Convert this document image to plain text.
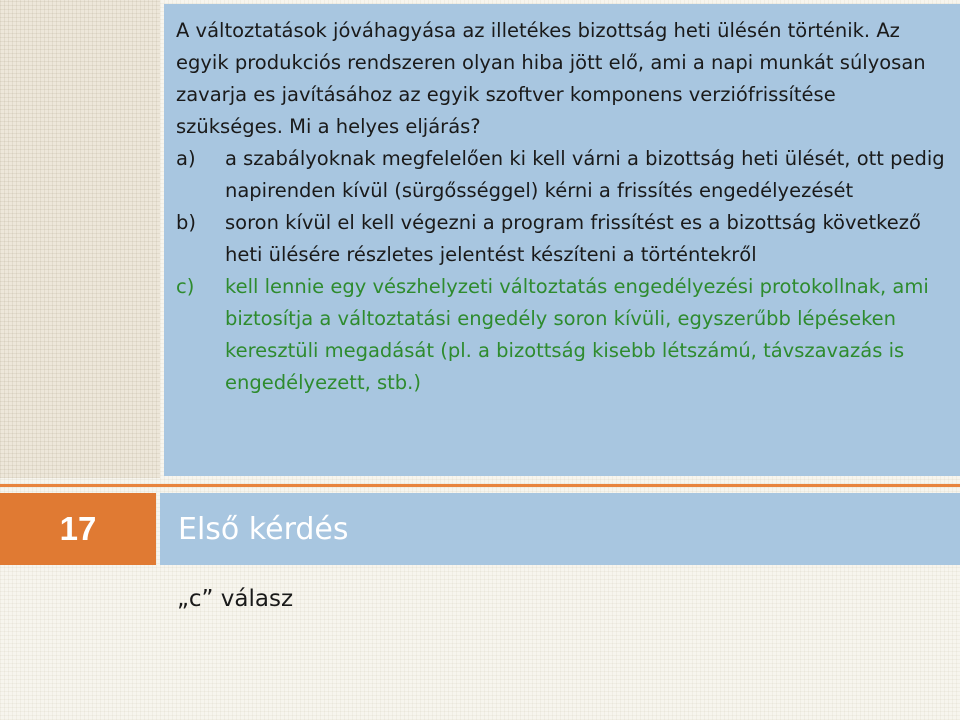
A változtatások jóváhagyása az illetékes bizottság heti ülésén történik. Az egyik produkciós rendszeren olyan hiba jött elő, ami a napi munkát súlyosan zavarja es javításához az egyik szoftver komponens verziófrissítése szükséges. Mi a helyes eljárás?

a) a szabályoknak megfelelően ki kell várni a bizottság heti ülését, ott pedig napirenden kívül (sürgősséggel) kérni a frissítés engedélyezését
b) soron kívül el kell végezni a program frissítést es a bizottság következő heti ülésére részletes jelentést készíteni a történtekről
c) kell lennie egy vészhelyzeti változtatás engedélyezési protokollnak, ami biztosítja a változtatási engedély soron kívüli, egyszerűbb lépéseken keresztüli megadását (pl. a bizottság kisebb létszámú, távszavazás is engedélyezett, stb.)
17	Első kérdés

„c” válasz
